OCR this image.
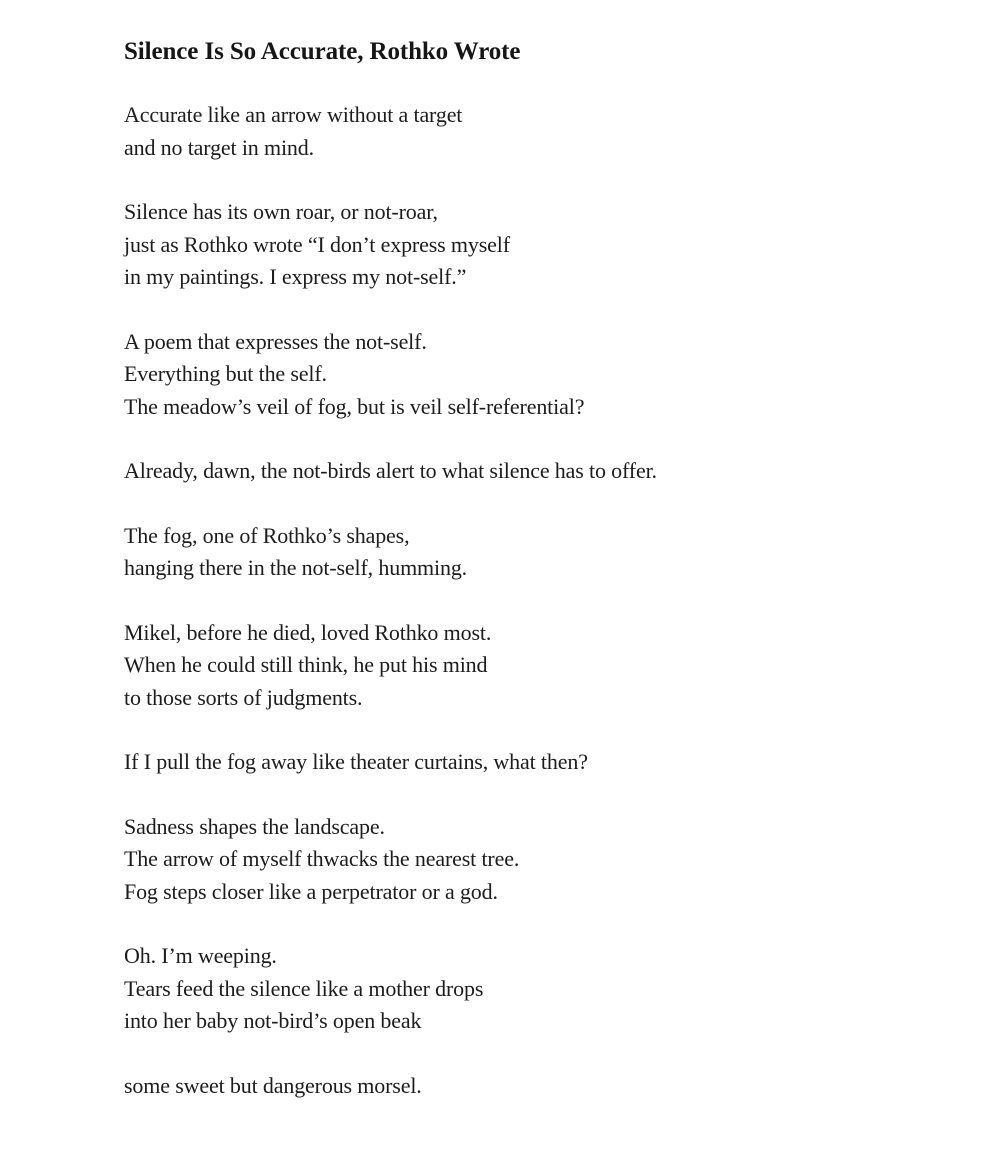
Silence Is So Accurate, Rothko Wrote
Accurate like an arrow without a target
and no target in mind.
Silence has its own roar, or not-roar,
just as Rothko wrote “I don’t express myself
in my paintings. I express my not-self.”
A poem that expresses the not-self.
Everything but the self.
The meadow’s veil of fog, but is veil self-referential?
Already, dawn, the not-birds alert to what silence has to offer.
The fog, one of Rothko’s shapes,
hanging there in the not-self, humming.
Mikel, before he died, loved Rothko most.
When he could still think, he put his mind
to those sorts of judgments.
If I pull the fog away like theater curtains, what then?
Sadness shapes the landscape.
The arrow of myself thwacks the nearest tree.
Fog steps closer like a perpetrator or a god.
Oh. I’m weeping.
Tears feed the silence like a mother drops
into her baby not-bird’s open beak
some sweet but dangerous morsel.
